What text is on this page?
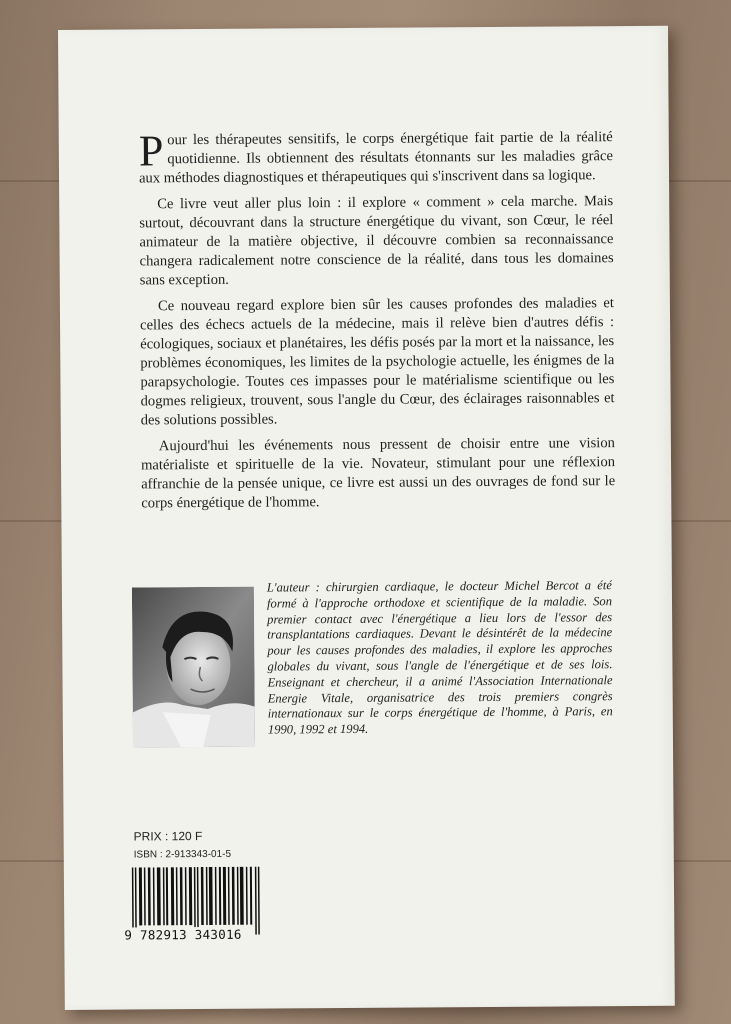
Pour les thérapeutes sensitifs, le corps énergétique fait partie de la réalité quotidienne. Ils obtiennent des résultats étonnants sur les maladies grâce aux méthodes diagnostiques et thérapeutiques qui s'inscrivent dans sa logique.

Ce livre veut aller plus loin : il explore « comment » cela marche. Mais surtout, découvrant dans la structure énergétique du vivant, son Cœur, le réel animateur de la matière objective, il découvre combien sa reconnaissance changera radicalement notre conscience de la réalité, dans tous les domaines sans exception.

Ce nouveau regard explore bien sûr les causes profondes des maladies et celles des échecs actuels de la médecine, mais il relève bien d'autres défis : écologiques, sociaux et planétaires, les défis posés par la mort et la naissance, les problèmes économiques, les limites de la psychologie actuelle, les énigmes de la parapsychologie. Toutes ces impasses pour le matérialisme scientifique ou les dogmes religieux, trouvent, sous l'angle du Cœur, des éclairages raisonnables et des solutions possibles.

Aujourd'hui les événements nous pressent de choisir entre une vision matérialiste et spirituelle de la vie. Novateur, stimulant pour une réflexion affranchie de la pensée unique, ce livre est aussi un des ouvrages de fond sur le corps énergétique de l'homme.

L'auteur : chirurgien cardiaque, le docteur Michel Bercot a été formé à l'approche orthodoxe et scientifique de la maladie. Son premier contact avec l'énergétique a lieu lors de l'essor des transplantations cardiaques. Devant le désintérêt de la médecine pour les causes profondes des maladies, il explore les approches globales du vivant, sous l'angle de l'énergétique et de ses lois. Enseignant et chercheur, il a animé l'Association Internationale Energie Vitale, organisatrice des trois premiers congrès internationaux sur le corps énergétique de l'homme, à Paris, en 1990, 1992 et 1994.
PRIX : 120 F
ISBN : 2-913343-01-5
9 782913 343016
